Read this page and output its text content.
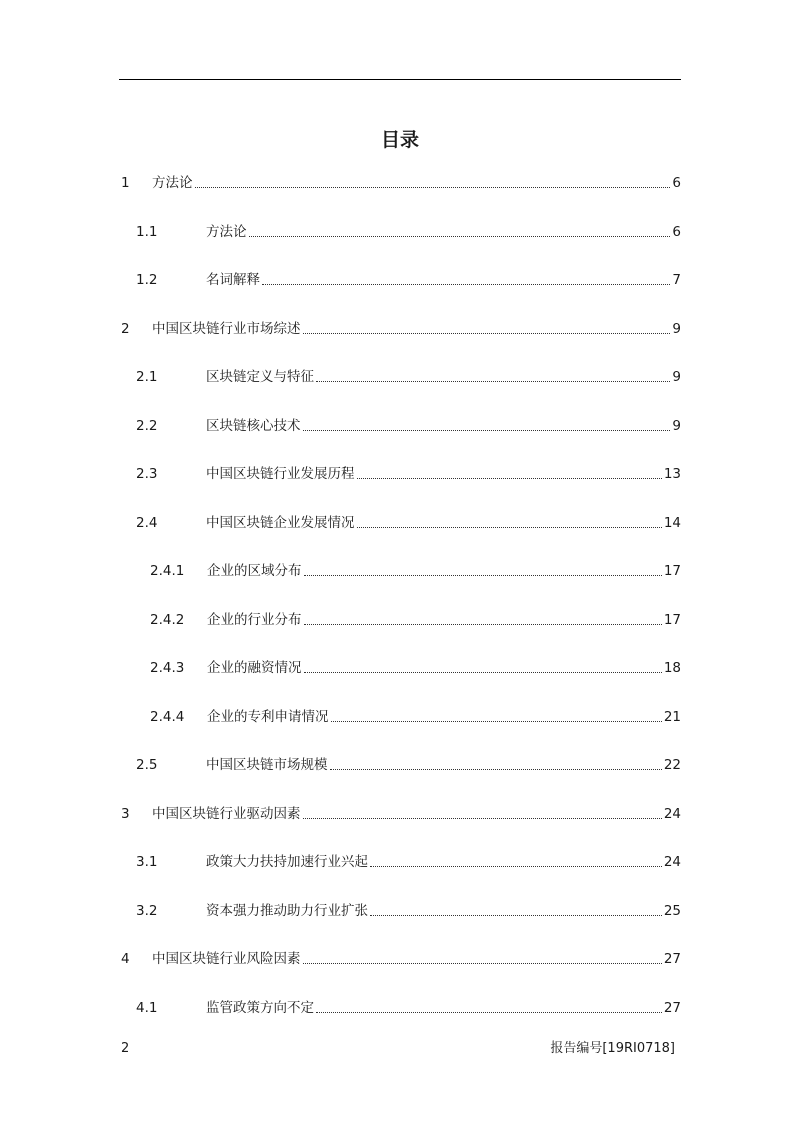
目录
1	方法论	6
1.1	方法论	6
1.2	名词解释	7
2	中国区块链行业市场综述	9
2.1	区块链定义与特征	9
2.2	区块链核心技术	9
2.3	中国区块链行业发展历程	13
2.4	中国区块链企业发展情况	14
2.4.1	企业的区域分布	17
2.4.2	企业的行业分布	17
2.4.3	企业的融资情况	18
2.4.4	企业的专利申请情况	21
2.5	中国区块链市场规模	22
3	中国区块链行业驱动因素	24
3.1	政策大力扶持加速行业兴起	24
3.2	资本强力推动助力行业扩张	25
4	中国区块链行业风险因素	27
4.1	监管政策方向不定	27
2	报告编号[19RI0718]
